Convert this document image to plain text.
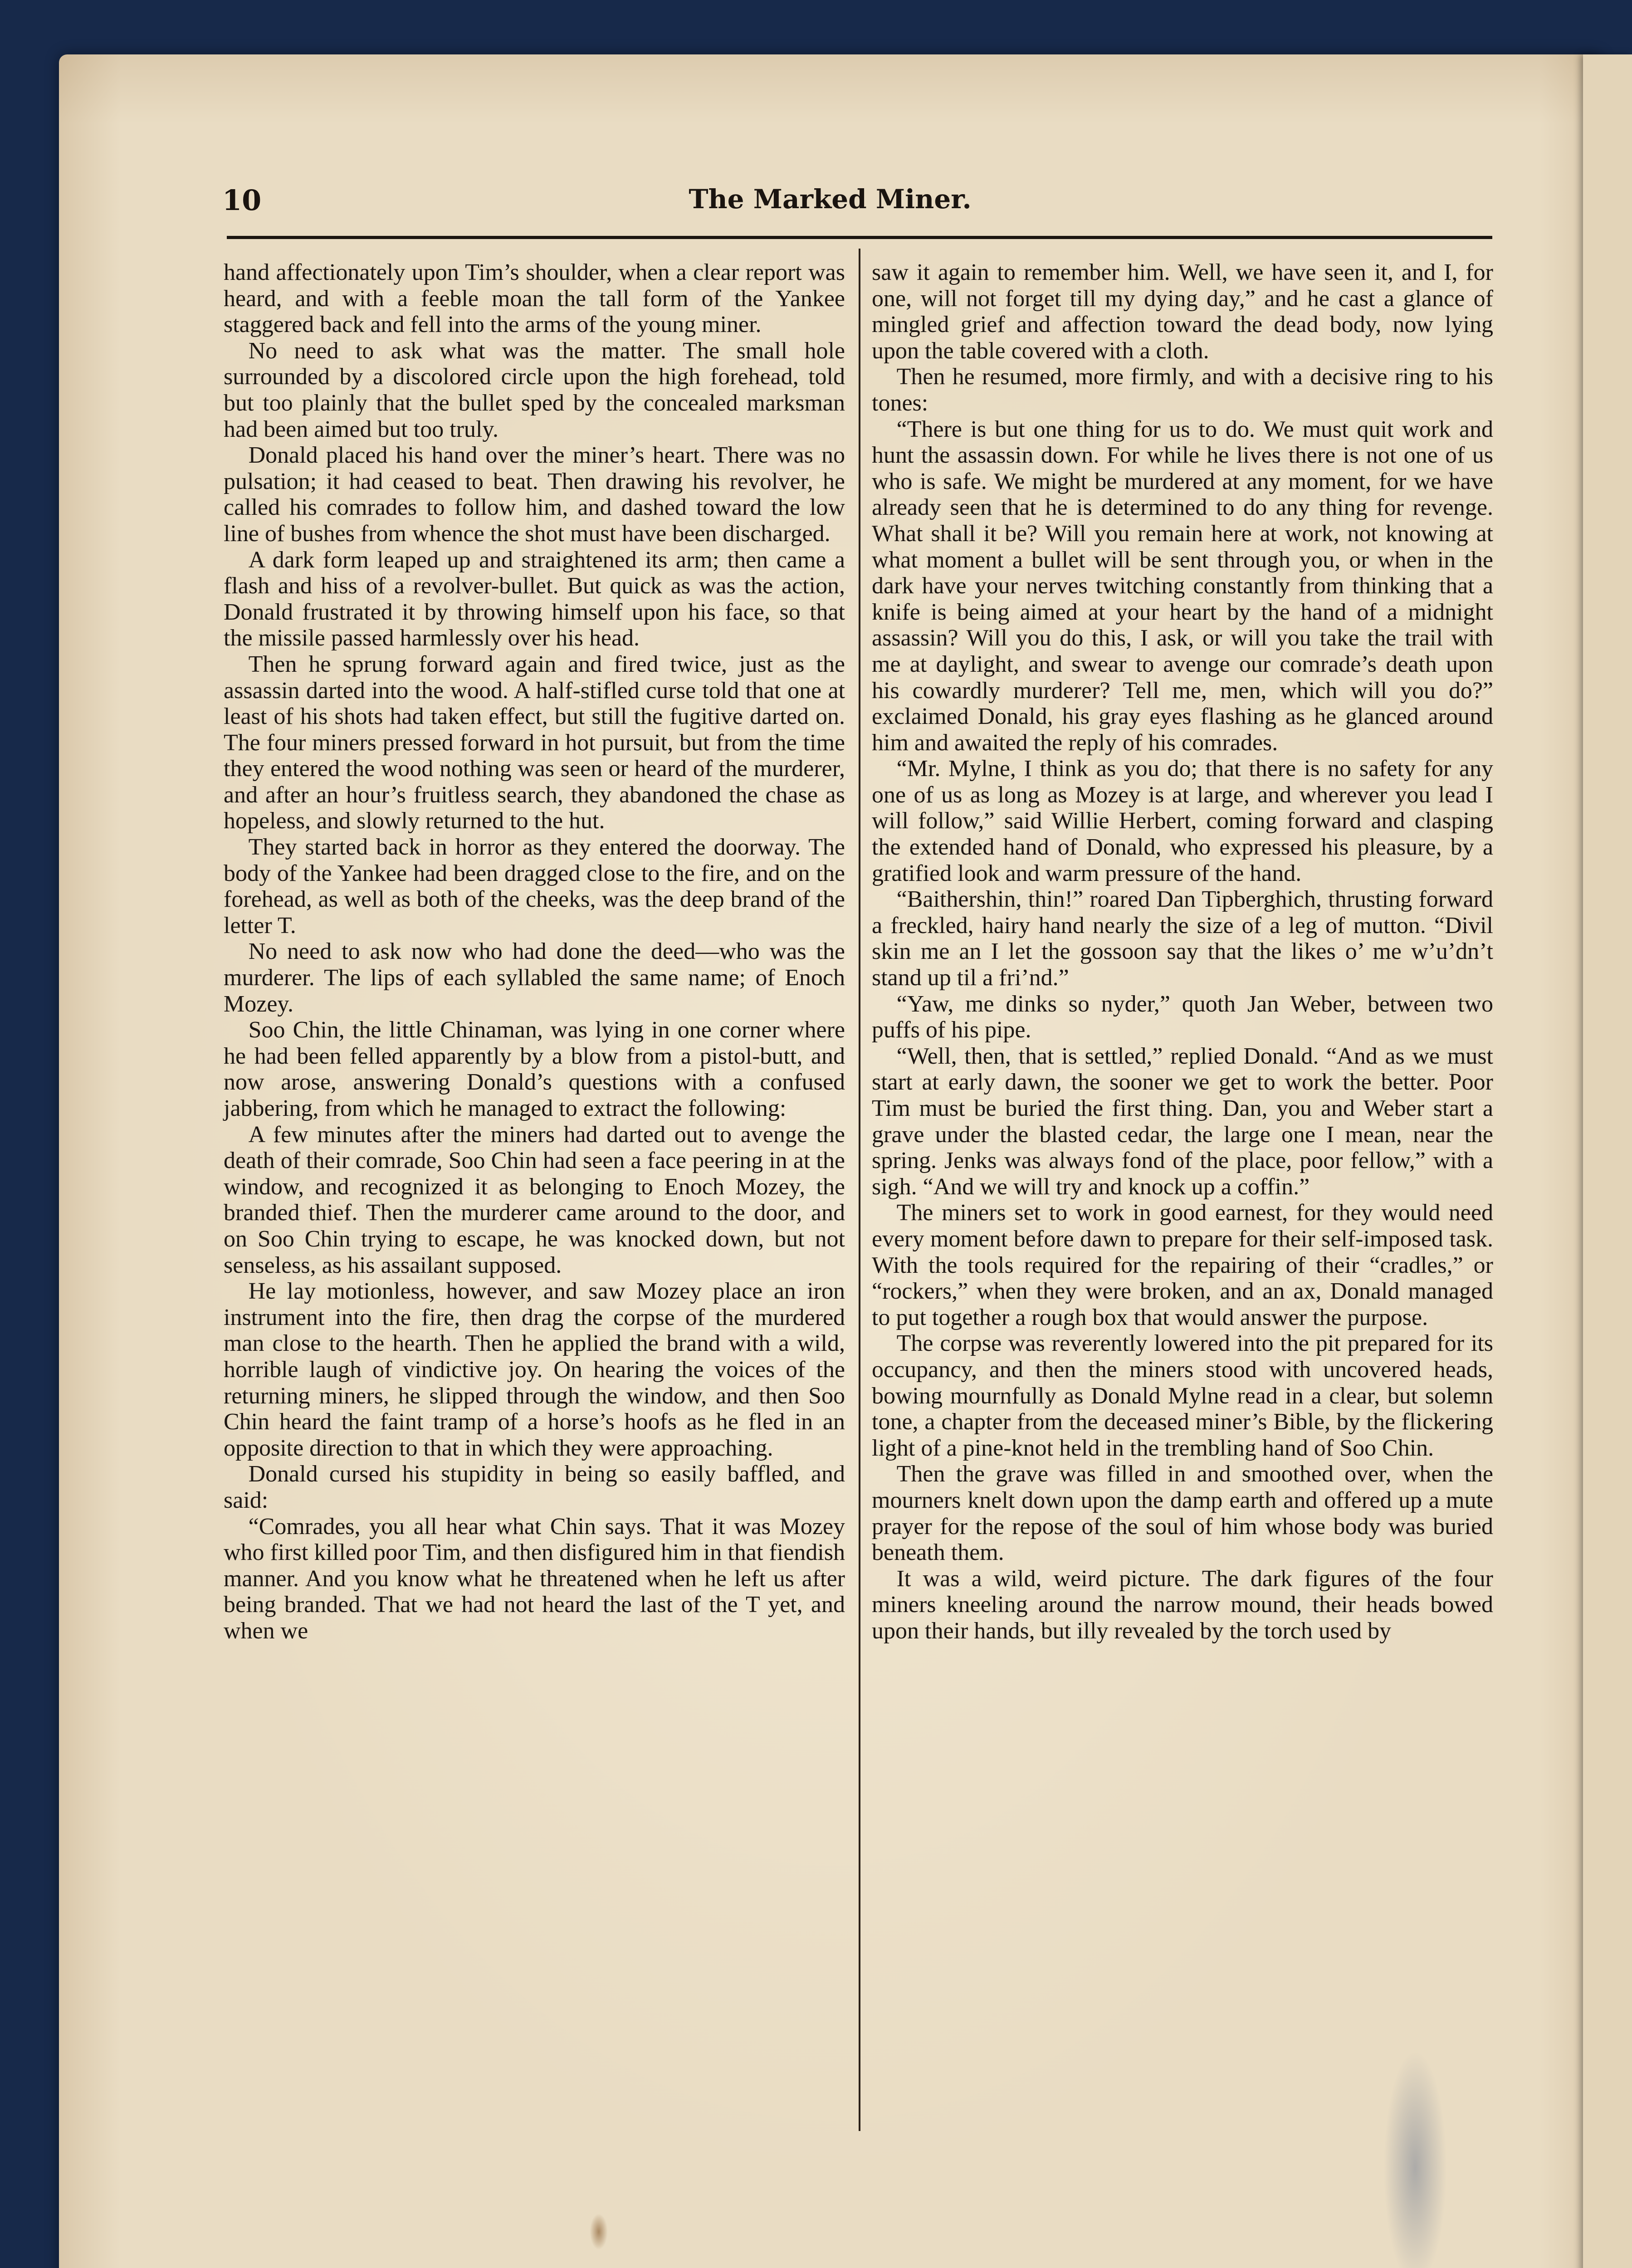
10	The Marked Miner.

hand affectionately upon Tim’s shoulder, when a clear report was heard, and with a feeble moan the tall form of the Yankee staggered back and fell into the arms of the young miner.

No need to ask what was the matter. The small hole surrounded by a discolored circle upon the high forehead, told but too plainly that the bullet sped by the concealed marksman had been aimed but too truly.

Donald placed his hand over the miner’s heart. There was no pulsation; it had ceased to beat. Then drawing his revolver, he called his comrades to follow him, and dashed toward the low line of bushes from whence the shot must have been discharged.

A dark form leaped up and straightened its arm; then came a flash and hiss of a revolver-bullet. But quick as was the action, Donald frustrated it by throwing himself upon his face, so that the missile passed harmlessly over his head.

Then he sprung forward again and fired twice, just as the assassin darted into the wood. A half-stifled curse told that one at least of his shots had taken effect, but still the fugitive darted on. The four miners pressed forward in hot pursuit, but from the time they entered the wood nothing was seen or heard of the murderer, and after an hour’s fruitless search, they abandoned the chase as hopeless, and slowly returned to the hut.

They started back in horror as they entered the doorway. The body of the Yankee had been dragged close to the fire, and on the forehead, as well as both of the cheeks, was the deep brand of the letter T.

No need to ask now who had done the deed—who was the murderer. The lips of each syllabled the same name; of Enoch Mozey.

Soo Chin, the little Chinaman, was lying in one corner where he had been felled apparently by a blow from a pistol-butt, and now arose, answering Donald’s questions with a confused jabbering, from which he managed to extract the following:

A few minutes after the miners had darted out to avenge the death of their comrade, Soo Chin had seen a face peering in at the window, and recognized it as belonging to Enoch Mozey, the branded thief. Then the murderer came around to the door, and on Soo Chin trying to escape, he was knocked down, but not senseless, as his assailant supposed.

He lay motionless, however, and saw Mozey place an iron instrument into the fire, then drag the corpse of the murdered man close to the hearth. Then he applied the brand with a wild, horrible laugh of vindictive joy. On hearing the voices of the returning miners, he slipped through the window, and then Soo Chin heard the faint tramp of a horse’s hoofs as he fled in an opposite direction to that in which they were approaching.

Donald cursed his stupidity in being so easily baffled, and said:

“Comrades, you all hear what Chin says. That it was Mozey who first killed poor Tim, and then disfigured him in that fiendish manner. And you know what he threatened when he left us after being branded. That we had not heard the last of the T yet, and when we

saw it again to remember him. Well, we have seen it, and I, for one, will not forget till my dying day,” and he cast a glance of mingled grief and affection toward the dead body, now lying upon the table covered with a cloth.

Then he resumed, more firmly, and with a decisive ring to his tones:

“There is but one thing for us to do. We must quit work and hunt the assassin down. For while he lives there is not one of us who is safe. We might be murdered at any moment, for we have already seen that he is determined to do any thing for revenge. What shall it be? Will you remain here at work, not knowing at what moment a bullet will be sent through you, or when in the dark have your nerves twitching constantly from thinking that a knife is being aimed at your heart by the hand of a midnight assassin? Will you do this, I ask, or will you take the trail with me at daylight, and swear to avenge our comrade’s death upon his cowardly murderer? Tell me, men, which will you do?” exclaimed Donald, his gray eyes flashing as he glanced around him and awaited the reply of his comrades.

“Mr. Mylne, I think as you do; that there is no safety for any one of us as long as Mozey is at large, and wherever you lead I will follow,” said Willie Herbert, coming forward and clasping the extended hand of Donald, who expressed his pleasure, by a gratified look and warm pressure of the hand.

“Baithershin, thin!” roared Dan Tipberghich, thrusting forward a freckled, hairy hand nearly the size of a leg of mutton. “Divil skin me an I let the gossoon say that the likes o’ me w’u’dn’t stand up til a fri’nd.”

“Yaw, me dinks so nyder,” quoth Jan Weber, between two puffs of his pipe.

“Well, then, that is settled,” replied Donald. “And as we must start at early dawn, the sooner we get to work the better. Poor Tim must be buried the first thing. Dan, you and Weber start a grave under the blasted cedar, the large one I mean, near the spring. Jenks was always fond of the place, poor fellow,” with a sigh. “And we will try and knock up a coffin.”

The miners set to work in good earnest, for they would need every moment before dawn to prepare for their self-imposed task. With the tools required for the repairing of their “cradles,” or “rockers,” when they were broken, and an ax, Donald managed to put together a rough box that would answer the purpose.

The corpse was reverently lowered into the pit prepared for its occupancy, and then the miners stood with uncovered heads, bowing mournfully as Donald Mylne read in a clear, but solemn tone, a chapter from the deceased miner’s Bible, by the flickering light of a pine-knot held in the trembling hand of Soo Chin.

Then the grave was filled in and smoothed over, when the mourners knelt down upon the damp earth and offered up a mute prayer for the repose of the soul of him whose body was buried beneath them.

It was a wild, weird picture. The dark figures of the four miners kneeling around the narrow mound, their heads bowed upon their hands, but illy revealed by the torch used by
